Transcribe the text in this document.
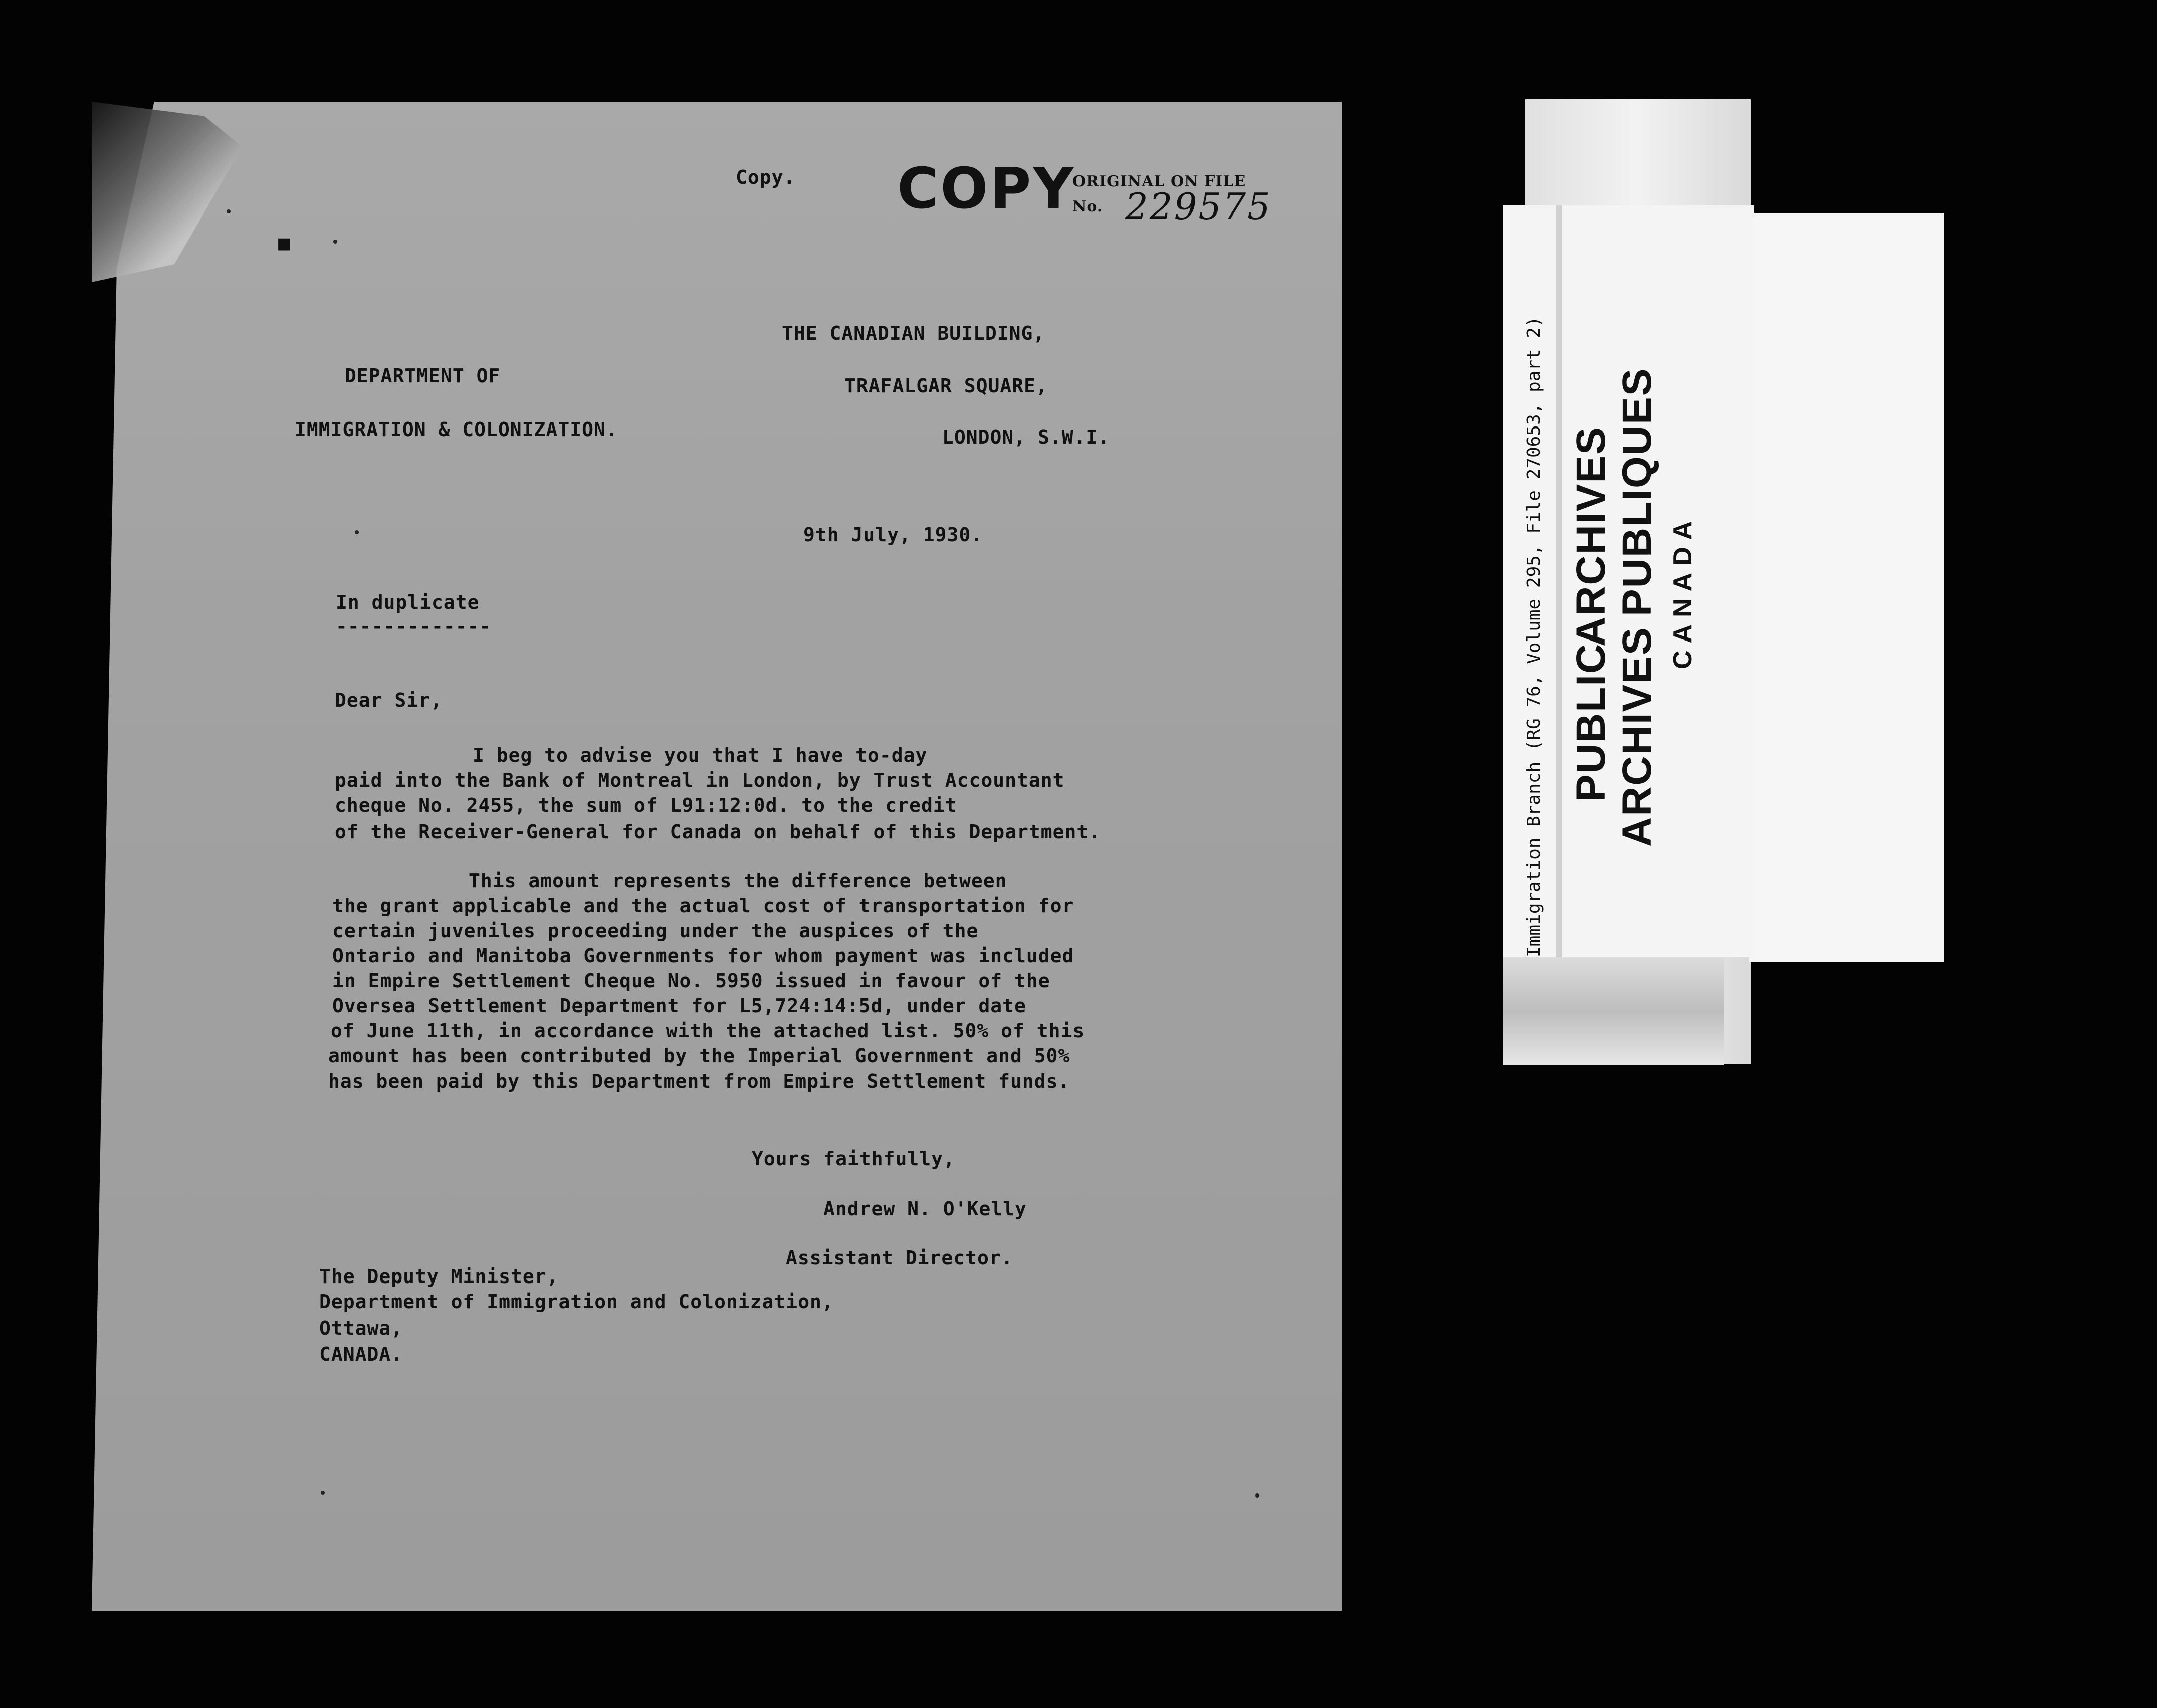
■
Copy. COPY
ORIGINAL ON FILE
No. 229575
THE CANADIAN BUILDING,
TRAFALGAR SQUARE,
LONDON, S.W.I.
DEPARTMENT OF
IMMIGRATION & COLONIZATION.
9th July, 1930.
In duplicate
-------------
Dear Sir,
I beg to advise you that I have to-day
paid into the Bank of Montreal in London, by Trust Accountant
cheque No. 2455, the sum of L91:12:0d. to the credit
of the Receiver-General for Canada on behalf of this Department.
This amount represents the difference between
the grant applicable and the actual cost of transportation for
certain juveniles proceeding under the auspices of the
Ontario and Manitoba Governments for whom payment was included
in Empire Settlement Cheque No. 5950 issued in favour of the
Oversea Settlement Department for L5,724:14:5d, under date
of June 11th, in accordance with the attached list. 50% of this
amount has been contributed by the Imperial Government and 50%
has been paid by this Department from Empire Settlement funds.
Yours faithfully,
Andrew N. O'Kelly
Assistant Director.
The Deputy Minister,
Department of Immigration and Colonization,
Ottawa,
CANADA.
Immigration Branch (RG 76, Volume 295, File 270653, part 2) PUBLIC
ARCHIVES
ARCHIVES
PUBLIQUES CANADA
